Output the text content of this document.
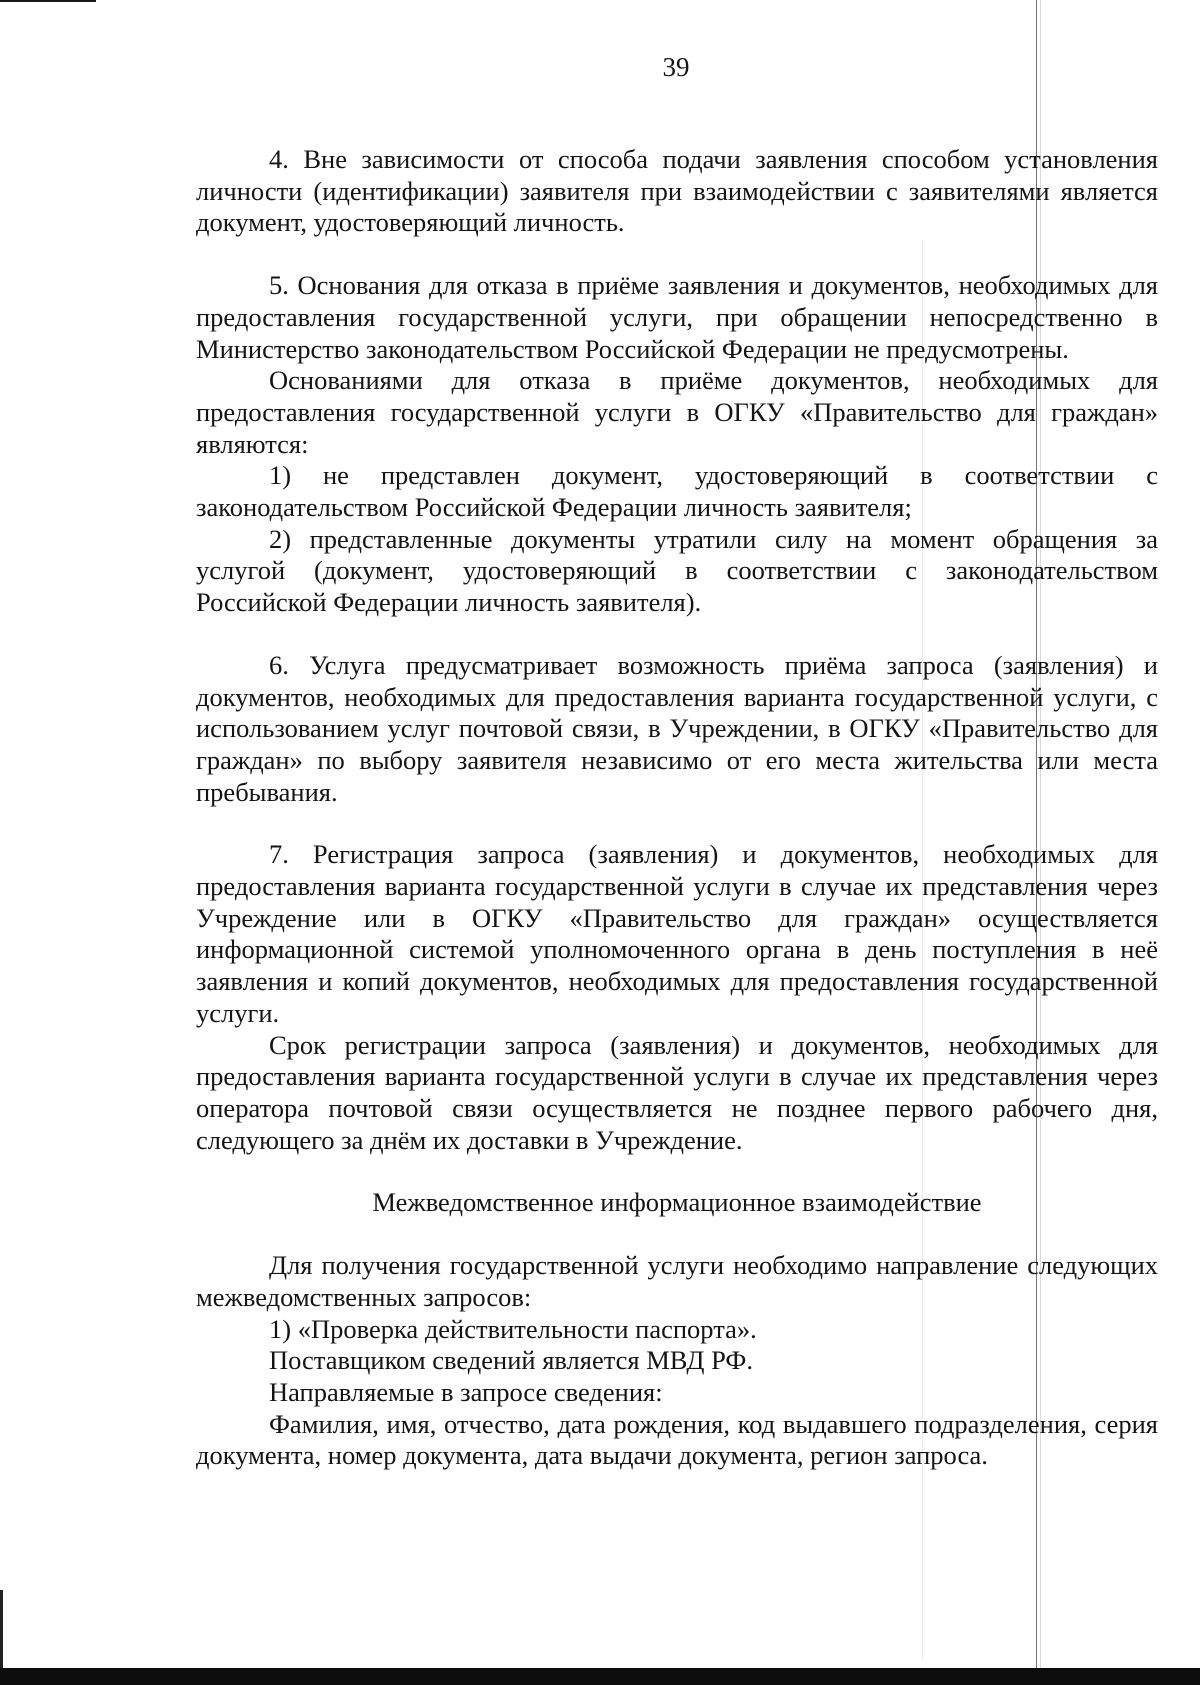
39

4. Вне зависимости от способа подачи заявления способом установления личности (идентификации) заявителя при взаимодействии с заявителями является документ, удостоверяющий личность.

5. Основания для отказа в приёме заявления и документов, необходимых для предоставления государственной услуги, при обращении непосредственно в Министерство законодательством Российской Федерации не предусмотрены.

Основаниями для отказа в приёме документов, необходимых для предоставления государственной услуги в ОГКУ «Правительство для граждан» являются:

1) не представлен документ, удостоверяющий в соответствии с законодательством Российской Федерации личность заявителя;

2) представленные документы утратили силу на момент обращения за услугой (документ, удостоверяющий в соответствии с законодательством Российской Федерации личность заявителя).

6. Услуга предусматривает возможность приёма запроса (заявления) и документов, необходимых для предоставления варианта государственной услуги, с использованием услуг почтовой связи, в Учреждении, в ОГКУ «Правительство для граждан» по выбору заявителя независимо от его места жительства или места пребывания.

7. Регистрация запроса (заявления) и документов, необходимых для предоставления варианта государственной услуги в случае их представления через Учреждение или в ОГКУ «Правительство для граждан» осуществляется информационной системой уполномоченного органа в день поступления в неё заявления и копий документов, необходимых для предоставления государственной услуги.

Срок регистрации запроса (заявления) и документов, необходимых для предоставления варианта государственной услуги в случае их представления через оператора почтовой связи осуществляется не позднее первого рабочего дня, следующего за днём их доставки в Учреждение.

Межведомственное информационное взаимодействие

Для получения государственной услуги необходимо направление следующих межведомственных запросов:

1) «Проверка действительности паспорта».

Поставщиком сведений является МВД РФ.

Направляемые в запросе сведения:

Фамилия, имя, отчество, дата рождения, код выдавшего подразделения, серия документа, номер документа, дата выдачи документа, регион запроса.
